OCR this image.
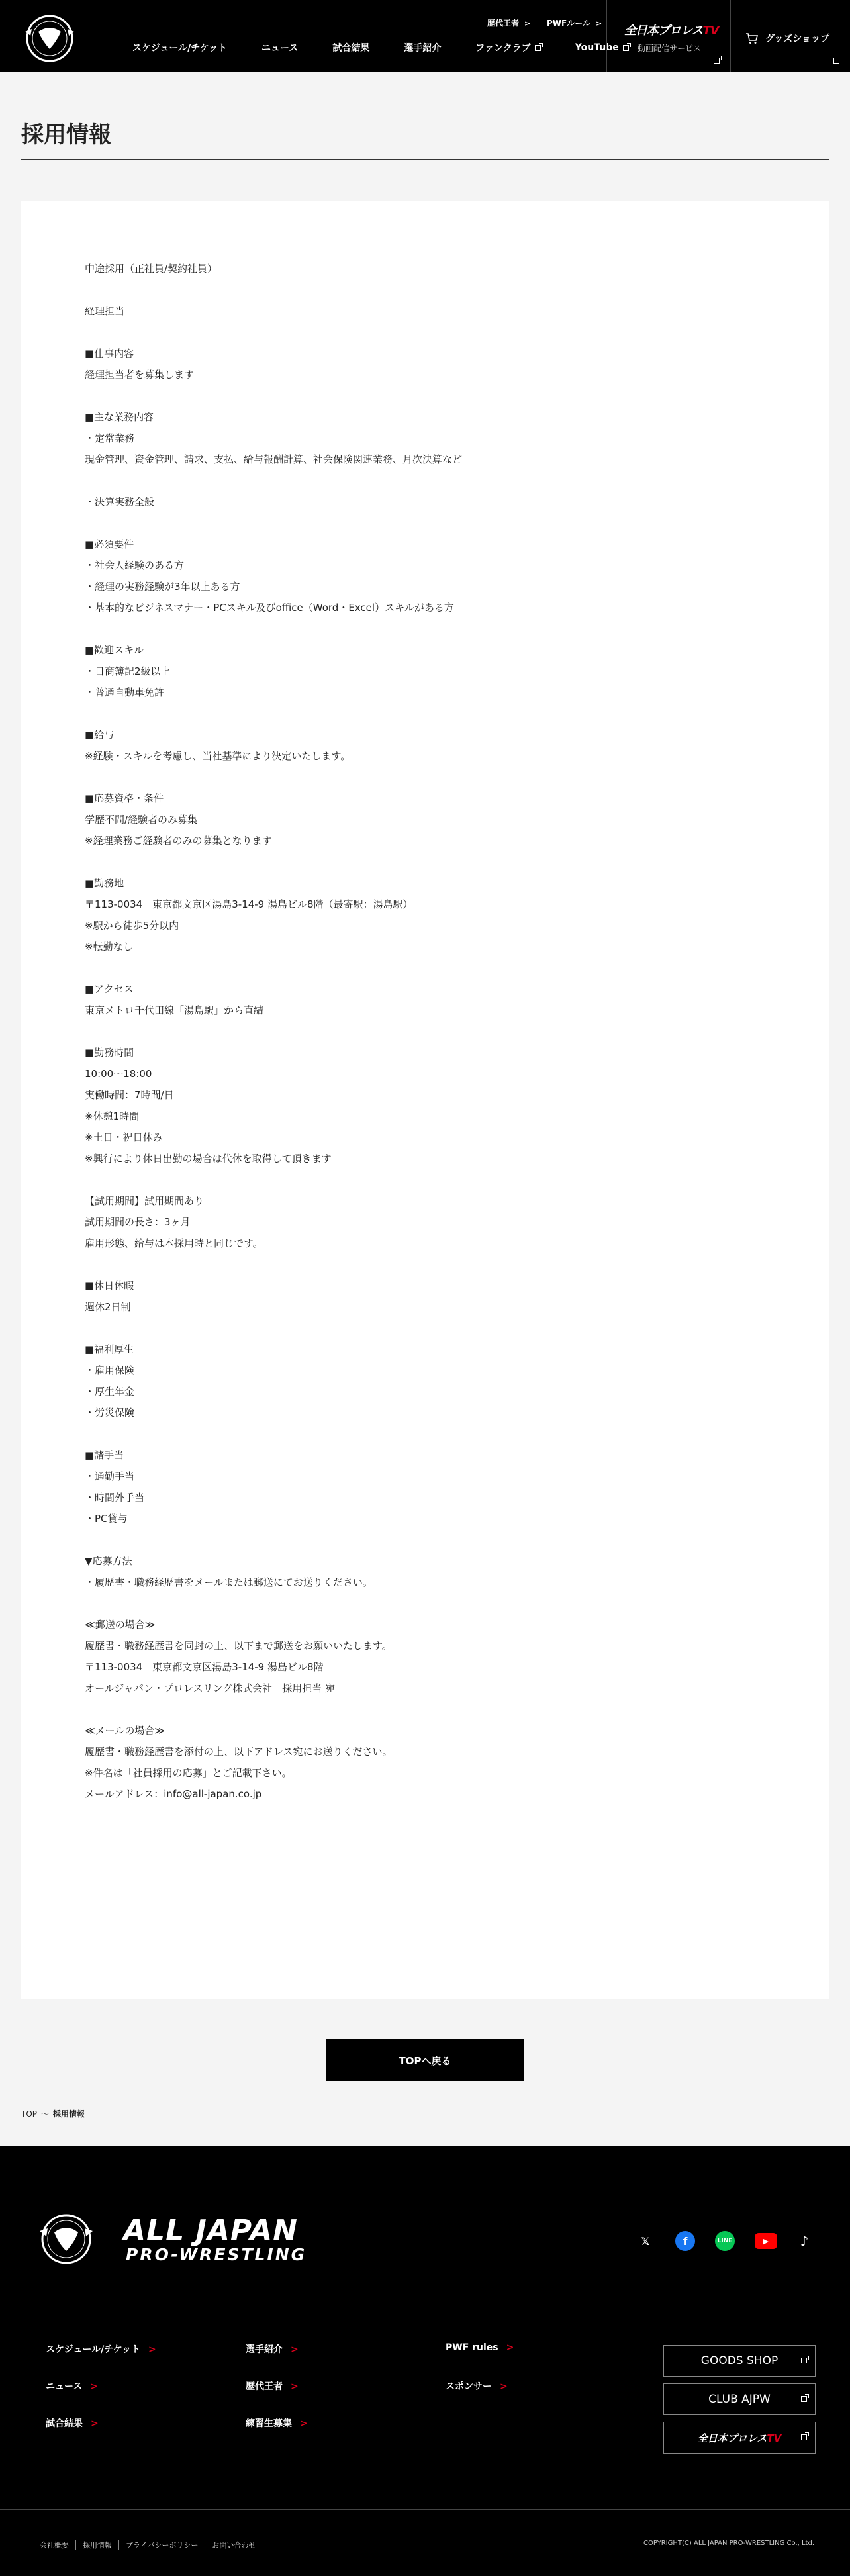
歴代王者 > PWFルール >
スケジュール/チケット	ニュース	試合結果	選手紹介	ファンクラブ	YouTube
全日本プロレスTV
動画配信サービス
グッズショップ
採用情報
中途採用（正社員/契約社員）

経理担当

■仕事内容
経理担当者を募集します

■主な業務内容
・定常業務
現金管理、資金管理、請求、支払、給与報酬計算、社会保険関連業務、月次決算など

・決算実務全般

■必須要件
・社会人経験のある方
・経理の実務経験が3年以上ある方
・基本的なビジネスマナー・PCスキル及びoffice（Word・Excel）スキルがある方

■歓迎スキル
・日商簿記2級以上
・普通自動車免許

■給与
※経験・スキルを考慮し、当社基準により決定いたします。

■応募資格・条件
学歴不問/経験者のみ募集
※経理業務ご経験者のみの募集となります

■勤務地
〒113-0034　東京都文京区湯島3-14-9 湯島ビル8階（最寄駅：湯島駅）
※駅から徒歩5分以内
※転勤なし

■アクセス
東京メトロ千代田線「湯島駅」から直結

■勤務時間
10:00〜18:00
実働時間：7時間/日
※休憩1時間
※土日・祝日休み
※興行により休日出勤の場合は代休を取得して頂きます

【試用期間】試用期間あり
試用期間の長さ：3ヶ月
雇用形態、給与は本採用時と同じです。

■休日休暇
週休2日制

■福利厚生
・雇用保険
・厚生年金
・労災保険

■諸手当
・通勤手当
・時間外手当
・PC貸与

▼応募方法
・履歴書・職務経歴書をメールまたは郵送にてお送りください。

≪郵送の場合≫
履歴書・職務経歴書を同封の上、以下まで郵送をお願いいたします。
〒113-0034　東京都文京区湯島3-14-9 湯島ビル8階
オールジャパン・プロレスリング株式会社　採用担当 宛

≪メールの場合≫
履歴書・職務経歴書を添付の上、以下アドレス宛にお送りください。
※件名は「社員採用の応募」とご記載下さい。
メールアドレス：info@all-japan.co.jp
TOPへ戻る
TOP 〜 採用情報
ALL JAPAN
PRO-WRESTLING
𝕏	f	LINE	▶	♪
スケジュール/チケット >
ニュース >
試合結果 >
選手紹介 >
歴代王者 >
練習生募集 >
PWF rules >
スポンサー >
GOODS SHOP
CLUB AJPW
全日本プロレスTV
会社概要	採用情報	プライバシーポリシー	お問い合わせ	COPYRIGHT(C) ALL JAPAN PRO-WRESTLING Co., Ltd.
